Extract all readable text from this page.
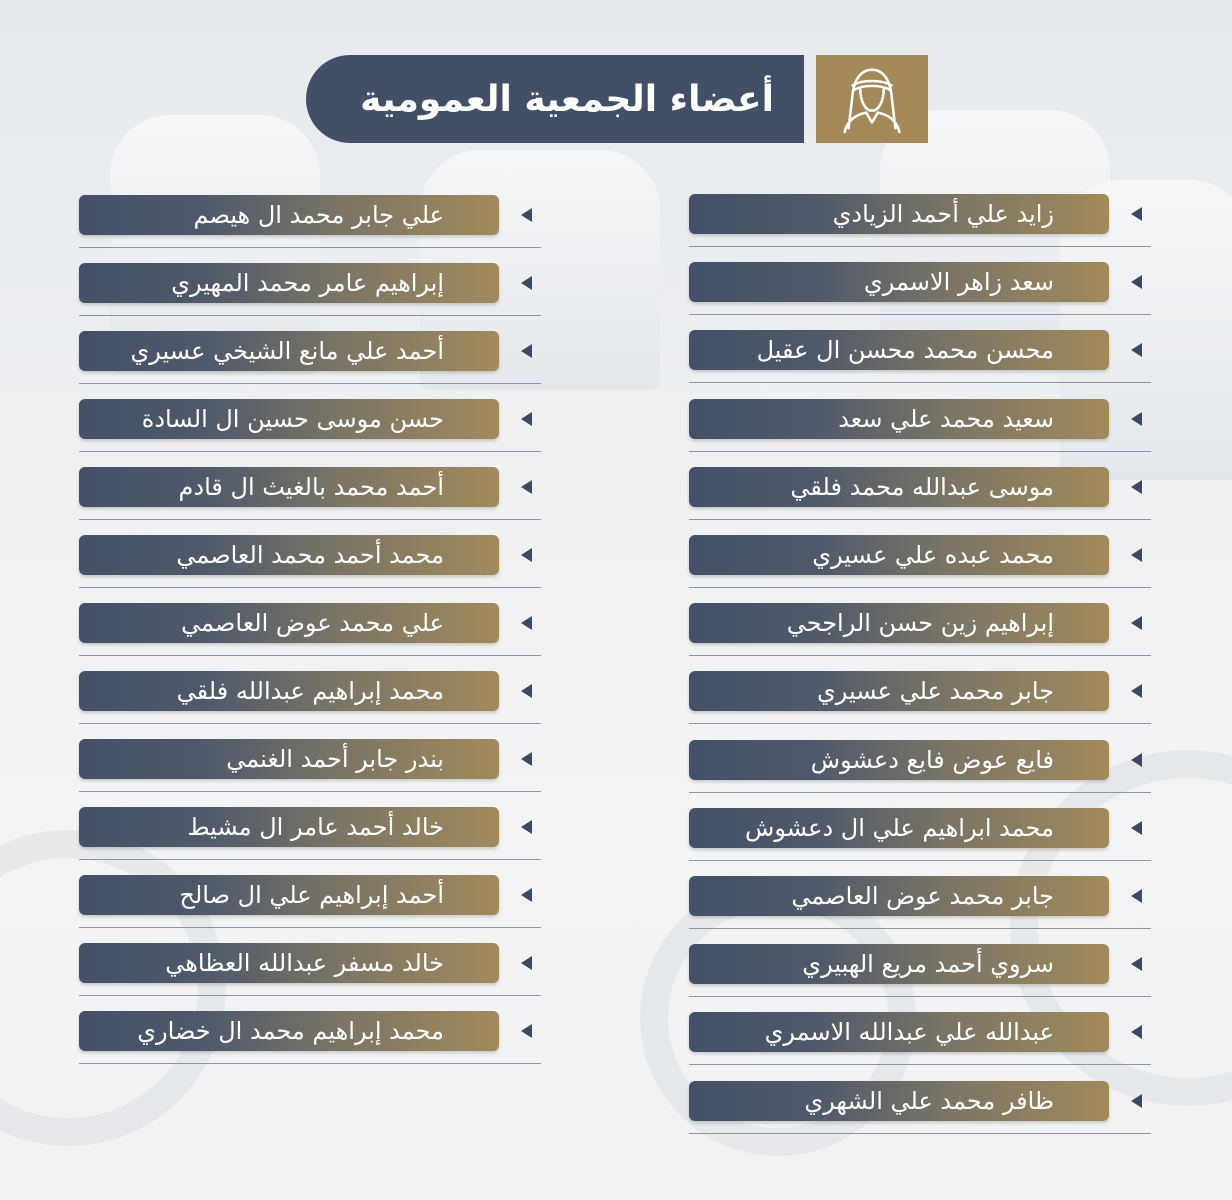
أعضاء الجمعية العمومية
زايد علي أحمد الزيادي
سعد زاهر الاسمري
محسن محمد محسن ال عقيل
سعيد محمد علي سعد
موسى عبدالله محمد فلقي
محمد عبده علي عسيري
إبراهيم زين حسن الراجحي
جابر محمد علي عسيري
فايع عوض فايع دعشوش
محمد ابراهيم علي ال دعشوش
جابر محمد عوض العاصمي
سروي أحمد مريع الهبيري
عبدالله علي عبدالله الاسمري
ظافر محمد علي الشهري
علي جابر محمد ال هيصم
إبراهيم عامر محمد المهيري
أحمد علي مانع الشيخي عسيري
حسن موسى حسين ال السادة
أحمد محمد بالغيث ال قادم
محمد أحمد محمد العاصمي
علي محمد عوض العاصمي
محمد إبراهيم عبدالله فلقي
بندر جابر أحمد الغنمي
خالد أحمد عامر ال مشيط
أحمد إبراهيم علي ال صالح
خالد مسفر عبدالله العظاهي
محمد إبراهيم محمد ال خضاري
